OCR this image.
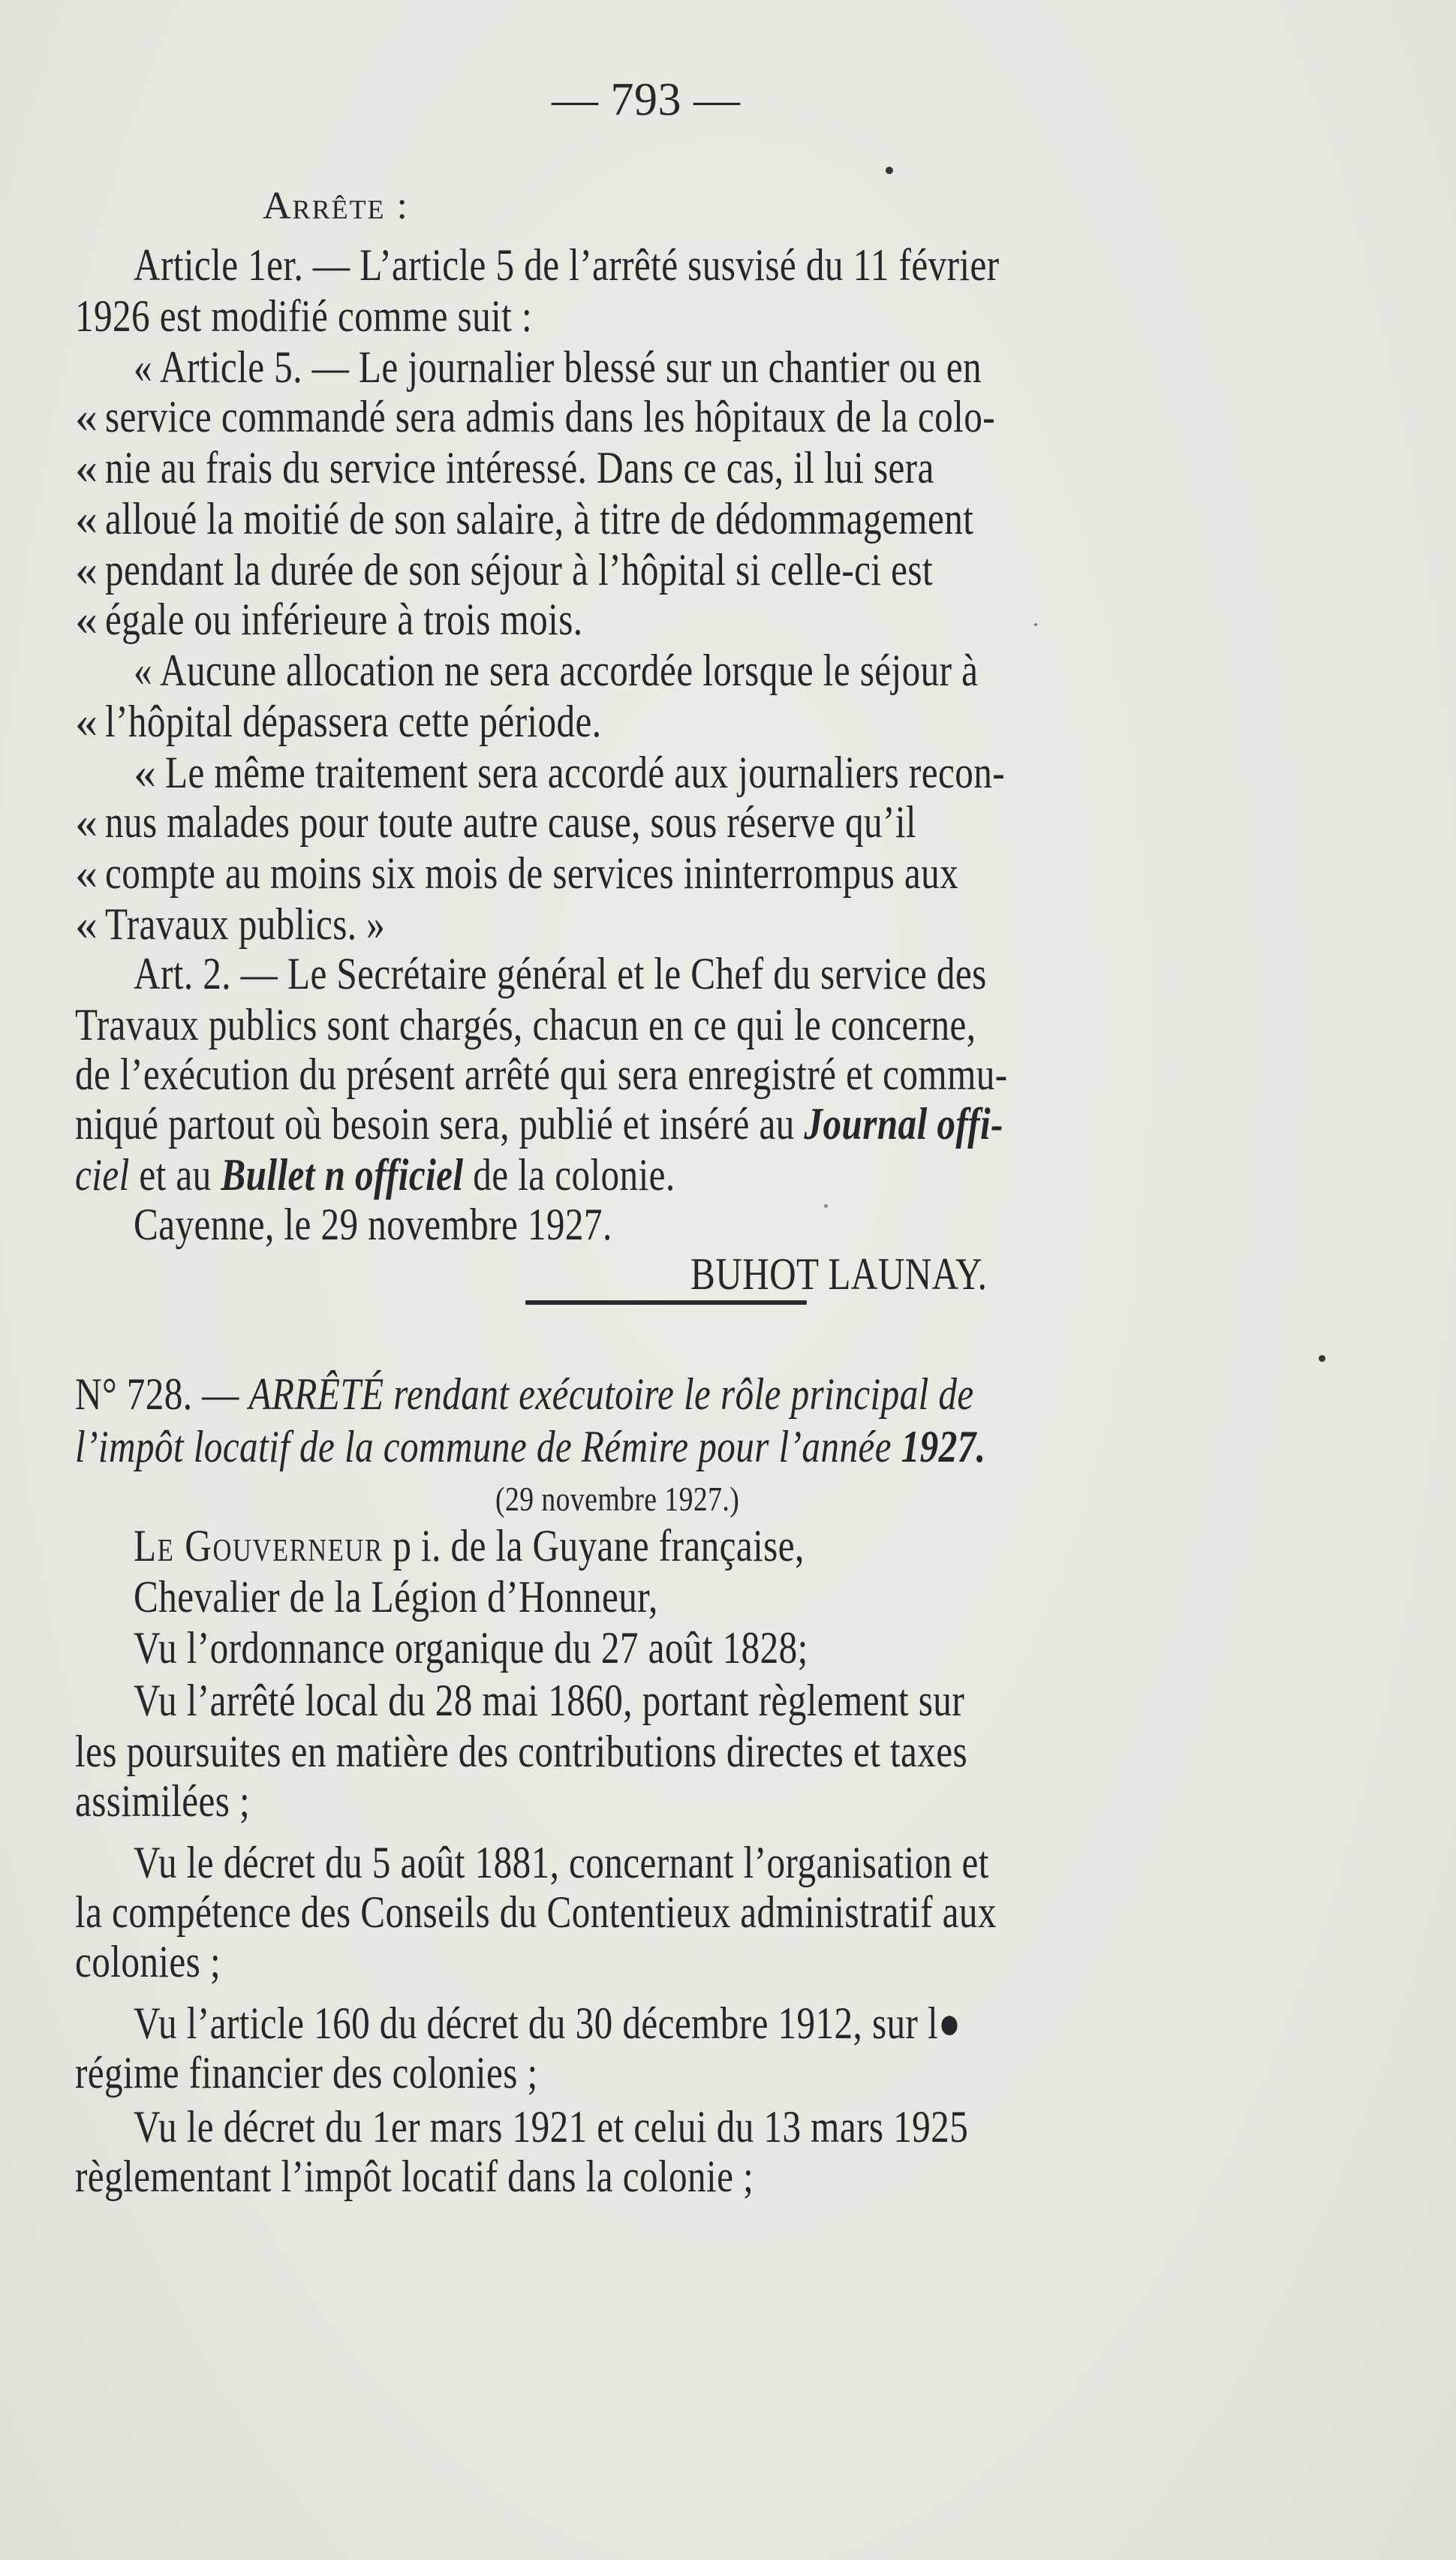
— 793 —
Arrête :
Article 1er. — L’article 5 de l’arrêté susvisé du 11 février
1926 est modifié comme suit :
« Article 5. — Le journalier blessé sur un chantier ou en
« service commandé sera admis dans les hôpitaux de la colo-
« nie au frais du service intéressé. Dans ce cas, il lui sera
« alloué la moitié de son salaire, à titre de dédommagement
« pendant la durée de son séjour à l’hôpital si celle-ci est
« égale ou inférieure à trois mois.
« Aucune allocation ne sera accordée lorsque le séjour à
« l’hôpital dépassera cette période.
« Le même traitement sera accordé aux journaliers recon-
« nus malades pour toute autre cause, sous réserve qu’il
« compte au moins six mois de services ininterrompus aux
« Travaux publics. »
Art. 2. — Le Secrétaire général et le Chef du service des
Travaux publics sont chargés, chacun en ce qui le concerne,
de l’exécution du présent arrêté qui sera enregistré et commu-
niqué partout où besoin sera, publié et inséré au Journal offi-
ciel et au Bullet n officiel de la colonie.
Cayenne, le 29 novembre 1927.
BUHOT LAUNAY.
N° 728. — ARRÊTÉ rendant exécutoire le rôle principal de
l’impôt locatif de la commune de Rémire pour l’année 1927.
(29 novembre 1927.)
Le Gouverneur p i. de la Guyane française,
Chevalier de la Légion d’Honneur,
Vu l’ordonnance organique du 27 août 1828;
Vu l’arrêté local du 28 mai 1860, portant règlement sur
les poursuites en matière des contributions directes et taxes
assimilées ;
Vu le décret du 5 août 1881, concernant l’organisation et
la compétence des Conseils du Contentieux administratif aux
colonies ;
Vu l’article 160 du décret du 30 décembre 1912, sur l●
régime financier des colonies ;
Vu le décret du 1er mars 1921 et celui du 13 mars 1925
règlementant l’impôt locatif dans la colonie ;
